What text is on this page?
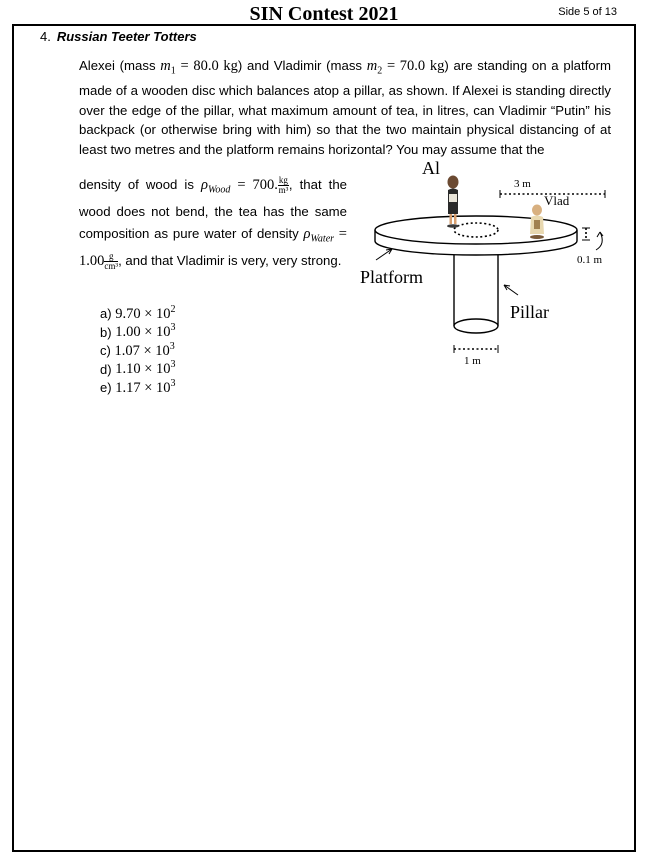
SIN Contest 2021	Side 5 of 13
4. Russian Teeter Totters
Alexei (mass $m_1 = 80.0$ kg) and Vladimir (mass $m_2 = 70.0$ kg) are standing on a platform made of a wooden disc which balances atop a pillar, as shown. If Alexei is standing directly over the edge of the pillar, what maximum amount of tea, in litres, can Vladimir “Putin” his backpack (or otherwise bring with him) so that the two maintain physical distancing of at least two metres and the platform remains horizontal? You may assume that the
density of wood is $\rho_{Wood} = 700$. $\frac{kg}{\text{m³}}$ , that the wood does not bend, the tea has the same composition as pure water of density $\rho_{Water} = 1.00 \frac{g}{\text{cm³}}$ , and that Vladimir is very, very strong.
a) $9.70 \times 10^2$
b) $1.00 \times 10^3$
c) $1.07 \times 10^3$
d) $1.10 \times 10^3$
e) $1.17 \times 10^3$
Al
Vlad
3 m
0.1 m
Platform
Pillar
1 m
